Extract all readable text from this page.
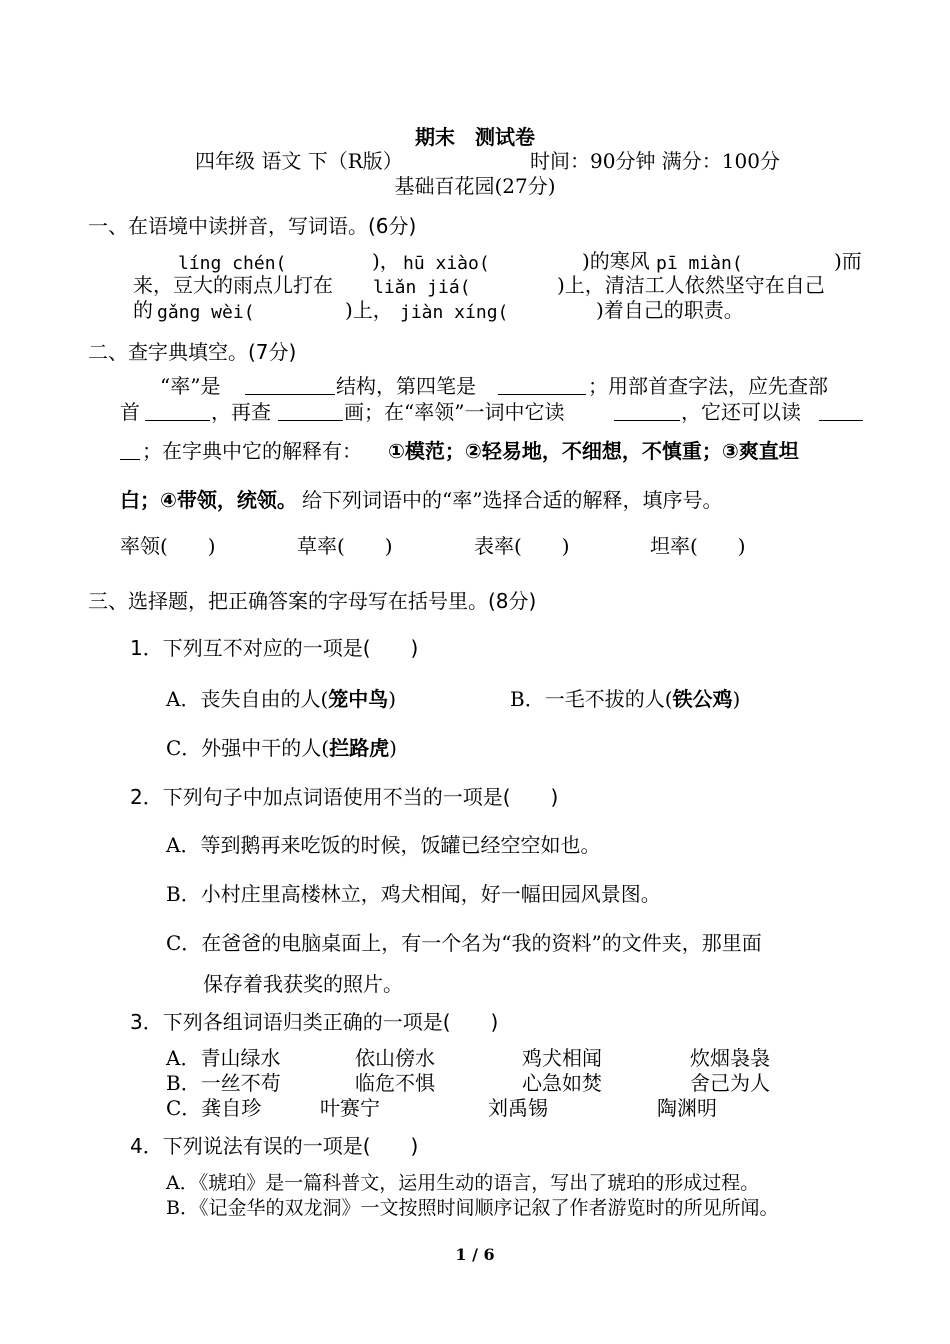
期末　测试卷
四年级 语文 下（R版）	时间：90分钟 满分：100分
基础百花园(27分)
一、在语境中读拼音，写词语。(6分)
líng chén(	)， hū xiào(	)的寒风 pī miàn(	)而
来，豆大的雨点儿打在 liǎn jiá(	)上，清洁工人依然坚守在自己
的 gǎng wèi(	)上， jiàn xíng(	)着自己的职责。
二、查字典填空。(7分)
“率”是	结构，第四笔是	；用部首查字法，应先查部
首	，再查	画；在“率领”一词中它读	，它还可以读
；在字典中它的解释有： ①模范；②轻易地，不细想，不慎重；③爽直坦
白；④带领，统领。 给下列词语中的“率”选择合适的解释，填序号。
率领(　　)	草率(　　)	表率(　　)	坦率(　　)
三、选择题，把正确答案的字母写在括号里。(8分)
1．下列互不对应的一项是(　　)
A．丧失自由的人(笼中鸟)	B．一毛不拔的人(铁公鸡)
C．外强中干的人(拦路虎)
2．下列句子中加点词语使用不当的一项是(　　)
A．等到鹅再来吃饭的时候，饭罐已经空空如也。
B．小村庄里高楼林立，鸡犬相闻，好一幅田园风景图。
C．在爸爸的电脑桌面上，有一个名为“我的资料”的文件夹，那里面
保存着我获奖的照片。
3．下列各组词语归类正确的一项是(　　)
A．青山绿水	依山傍水	鸡犬相闻	炊烟袅袅
B．一丝不苟	临危不惧	心急如焚	舍己为人
C．龚自珍	叶赛宁	刘禹锡	陶渊明
4．下列说法有误的一项是(　　)
A．《琥珀》是一篇科普文，运用生动的语言，写出了琥珀的形成过程。
B．《记金华的双龙洞》一文按照时间顺序记叙了作者游览时的所见所闻。
1 / 6
